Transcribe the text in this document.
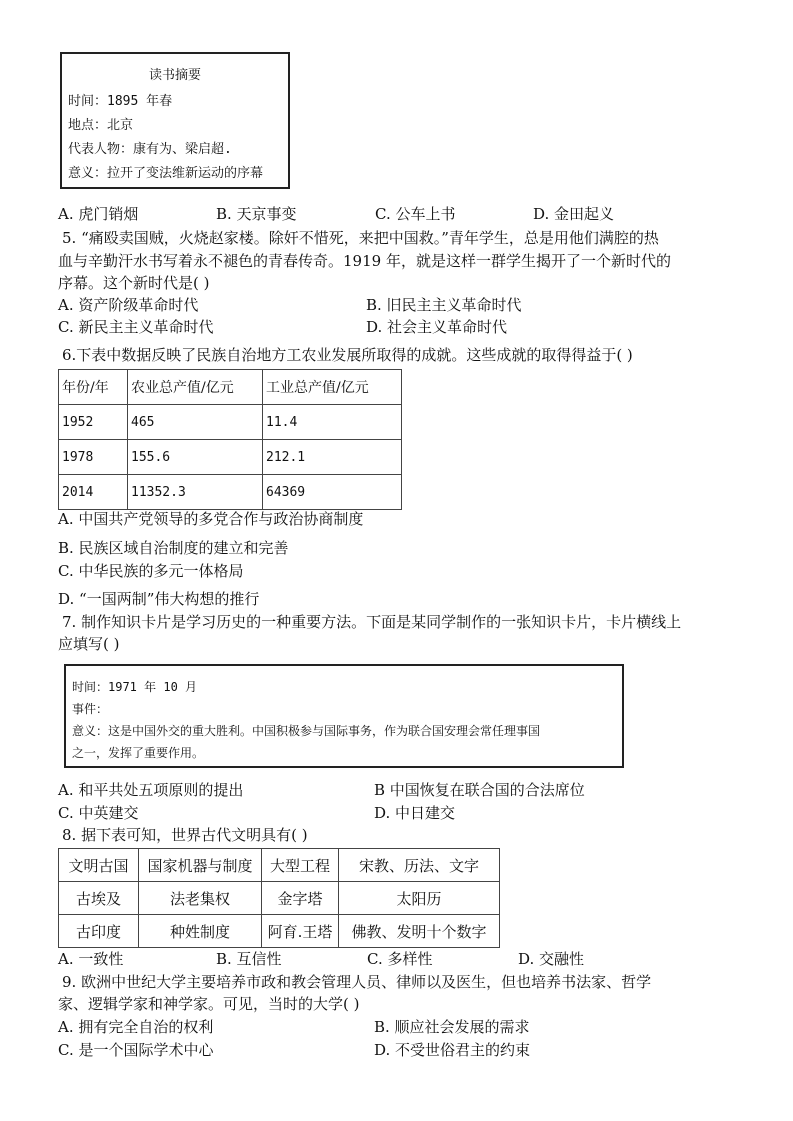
读书摘要
时间：1895 年春
地点：北京
代表人物：康有为、梁启超.
意义：拉开了变法维新运动的序幕
A. 虎门销烟	B. 天京事变	C. 公车上书	D. 金田起义
5. “痛殴卖国贼，火烧赵家楼。除奸不惜死，来把中国救。”青年学生，总是用他们满腔的热
血与辛勤汗水书写着永不褪色的青春传奇。1919 年，就是这样一群学生揭开了一个新时代的
序幕。这个新时代是( )
A. 资产阶级革命时代	B. 旧民主主义革命时代
C. 新民主主义革命时代	D. 社会主义革命时代
6.下表中数据反映了民族自治地方工农业发展所取得的成就。这些成就的取得得益于( )
年份/年	农业总产值/亿元	工业总产值/亿元
1952	465	11.4
1978	155.6	212.1
2014	11352.3	64369
A. 中国共产党领导的多党合作与政治协商制度
B. 民族区域自治制度的建立和完善
C. 中华民族的多元一体格局
D. “一国两制”伟大构想的推行
7. 制作知识卡片是学习历史的一种重要方法。下面是某同学制作的一张知识卡片，卡片横线上
应填写( )
时间：1971 年 10 月
事件：
意义：这是中国外交的重大胜利。中国积极参与国际事务，作为联合国安理会常任理事国
之一，发挥了重要作用。
A. 和平共处五项原则的提出	B 中国恢复在联合国的合法席位
C. 中英建交	D. 中日建交
8. 据下表可知，世界古代文明具有( )
文明古国	国家机器与制度	大型工程	宋教、历法、文字
古埃及	法老集权	金字塔	太阳历
古印度	种姓制度	阿育.王塔	佛教、发明十个数字
A. 一致性	B. 互信性	C. 多样性	D. 交融性
9. 欧洲中世纪大学主要培养市政和教会管理人员、律师以及医生，但也培养书法家、哲学
家、逻辑学家和神学家。可见，当时的大学( )
A. 拥有完全自治的权利	B. 顺应社会发展的需求
C. 是一个国际学术中心	D. 不受世俗君主的约束
